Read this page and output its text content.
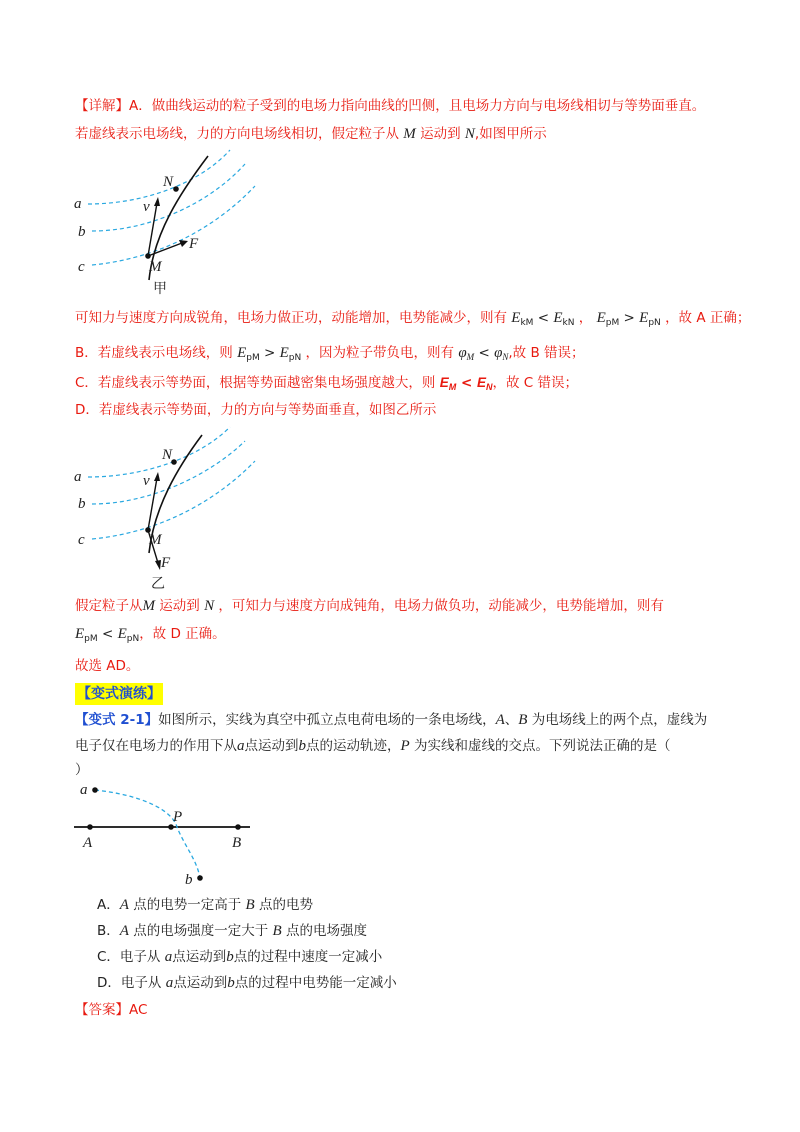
【详解】A．做曲线运动的粒子受到的电场力指向曲线的凹侧，且电场力方向与电场线相切与等势面垂直。
若虚线表示电场线，力的方向电场线相切，假定粒子从 M 运动到 N,如图甲所示
a
b
c
N
M
v
F
甲
可知力与速度方向成锐角，电场力做正功，动能增加，电势能减少，则有 $E_{kM} < E_{kN}$ ， $E_{pM} > E_{pN}$ ，故 A 正确；
B．若虚线表示电场线，则 $E_{pM} > E_{pN}$ ，因为粒子带负电，则有 $\varphi_M < \varphi_N$,故 B 错误；
C．若虚线表示等势面，根据等势面越密集电场强度越大，则 $E_M < E_N$，故 C 错误；
D．若虚线表示等势面，力的方向与等势面垂直，如图乙所示
a
b
c
N
M
v
F
乙
假定粒子从M 运动到 N ，可知力与速度方向成钝角，电场力做负功，动能减少，电势能增加，则有
$E_{pM} < E_{pN}$，故 D 正确。
故选 AD。
【变式演练】
【变式 2-1】如图所示，实线为真空中孤立点电荷电场的一条电场线，A、B 为电场线上的两个点，虚线为
电子仅在电场力的作用下从a点运动到b点的运动轨迹，P 为实线和虚线的交点。下列说法正确的是（
）
a
b
P
A	B
A．A 点的电势一定高于 B 点的电势
B．A 点的电场强度一定大于 B 点的电场强度
C．电子从 a点运动到b点的过程中速度一定减小
D．电子从 a点运动到b点的过程中电势能一定减小
【答案】AC
